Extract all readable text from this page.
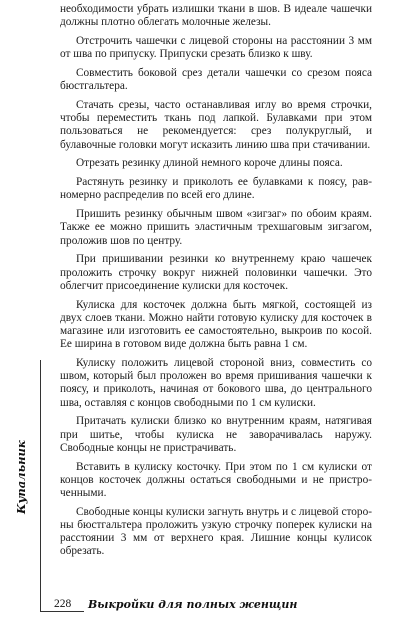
необходимости убрать излишки ткани в шов. В идеале чашечки должны плотно облегать молочные железы.

Отстрочить чашечки с лицевой стороны на расстоянии 3 мм от шва по припуску. Припуски срезать близко к шву.

Совместить боковой срез детали чашечки со срезом пояса бюстгальтера.

Стачать срезы, часто останавливая иглу во время строчки, чтобы переместить ткань под лапкой. Булавками при этом пользоваться не рекомендуется: срез полукруглый, и булавочные головки могут исказить линию шва при стачивании.

Отрезать резинку длиной немного короче длины пояса.

Растянуть резинку и приколоть ее булавками к поясу, равномерно распределив по всей его длине.

Пришить резинку обычным швом «зигзаг» по обоим краям. Также ее можно пришить эластичным трехшаговым зигзагом, проложив шов по центру.

При пришивании резинки ко внутреннему краю чашечек проложить строчку вокруг нижней половинки чашечки. Это облегчит присоединение кулиски для косточек.

Кулиска для косточек должна быть мягкой, состоящей из двух слоев ткани. Можно найти готовую кулиску для косточек в магазине или изготовить ее самостоятельно, выкроив по косой. Ее ширина в готовом виде должна быть равна 1 см.

Кулиску положить лицевой стороной вниз, совместить со швом, который был проложен во время пришивания чашечки к поясу, и приколоть, начиная от бокового шва, до центрального шва, оставляя с концов свободными по 1 см кулиски.

Притачать кулиски близко ко внутренним краям, натягивая при шитье, чтобы кулиска не заворачивалась наружу. Свободные концы не пристрачивать.

Вставить в кулиску косточку. При этом по 1 см кулиски от концов косточек должны остаться свободными и не пристроченными.

Свободные концы кулиски загнуть внутрь и с лицевой стороны бюстгальтера проложить узкую строчку поперек кулиски на расстоянии 3 мм от верхнего края. Лишние концы кулисок обрезать.

Купальник
228 Выкройки для полных женщин
